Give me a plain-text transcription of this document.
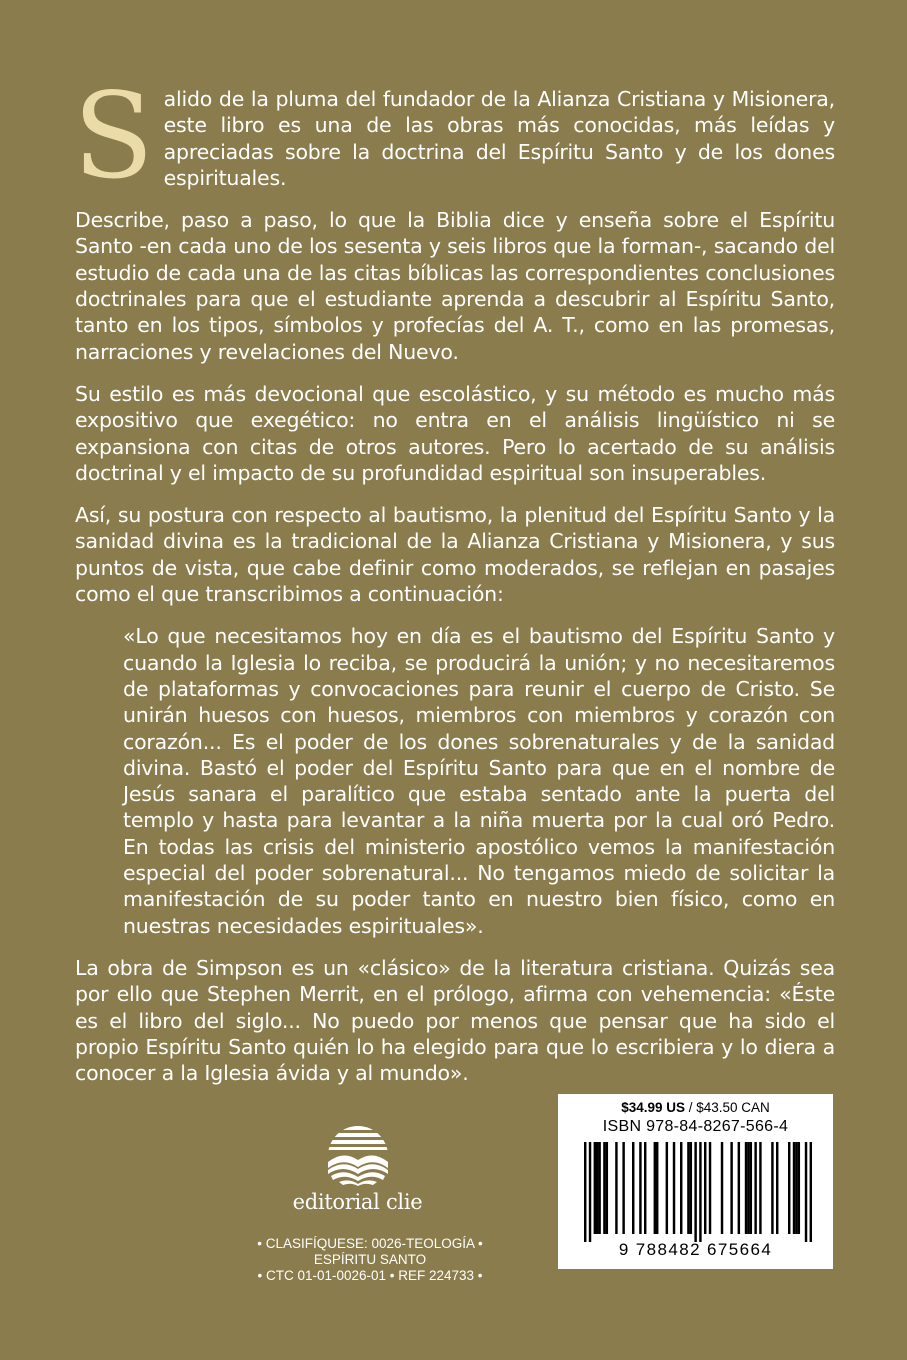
Salido de la pluma del fundador de la Alianza Cristiana y Misionera, este libro es una de las obras más conocidas, más leídas y apreciadas sobre la doctrina del Espíritu Santo y de los dones espirituales.

Describe, paso a paso, lo que la Biblia dice y enseña sobre el Espíritu Santo -en cada uno de los sesenta y seis libros que la forman-, sacando del estudio de cada una de las citas bíblicas las correspondientes conclusiones doctrinales para que el estudiante aprenda a descubrir al Espíritu Santo, tanto en los tipos, símbolos y profecías del A. T., como en las promesas, narraciones y revelaciones del Nuevo.

Su estilo es más devocional que escolástico, y su método es mucho más expositivo que exegético: no entra en el análisis lingüístico ni se expansiona con citas de otros autores. Pero lo acertado de su análisis doctrinal y el impacto de su profundidad espiritual son insuperables.

Así, su postura con respecto al bautismo, la plenitud del Espíritu Santo y la sanidad divina es la tradicional de la Alianza Cristiana y Misionera, y sus puntos de vista, que cabe definir como moderados, se reflejan en pasajes como el que transcribimos a continuación:

«Lo que necesitamos hoy en día es el bautismo del Espíritu Santo y cuando la Iglesia lo reciba, se producirá la unión; y no necesitaremos de plataformas y convocaciones para reunir el cuerpo de Cristo. Se unirán huesos con huesos, miembros con miembros y corazón con corazón... Es el poder de los dones sobrenaturales y de la sanidad divina. Bastó el poder del Espíritu Santo para que en el nombre de Jesús sanara el paralítico que estaba sentado ante la puerta del templo y hasta para levantar a la niña muerta por la cual oró Pedro. En todas las crisis del ministerio apostólico vemos la manifestación especial del poder sobrenatural... No tengamos miedo de solicitar la manifestación de su poder tanto en nuestro bien físico, como en nuestras necesidades espirituales».

La obra de Simpson es un «clásico» de la literatura cristiana. Quizás sea por ello que Stephen Merrit, en el prólogo, afirma con vehemencia: «Éste es el libro del siglo... No puedo por menos que pensar que ha sido el propio Espíritu Santo quién lo ha elegido para que lo escribiera y lo diera a conocer a la Iglesia ávida y al mundo».

editorial clie
• CLASIFÍQUESE: 0026-TEOLOGÍA •
ESPÍRITU SANTO
• CTC 01-01-0026-01 • REF 224733 •
$34.99 US / $43.50 CAN
ISBN 978-84-8267-566-4
9 788482 675664
